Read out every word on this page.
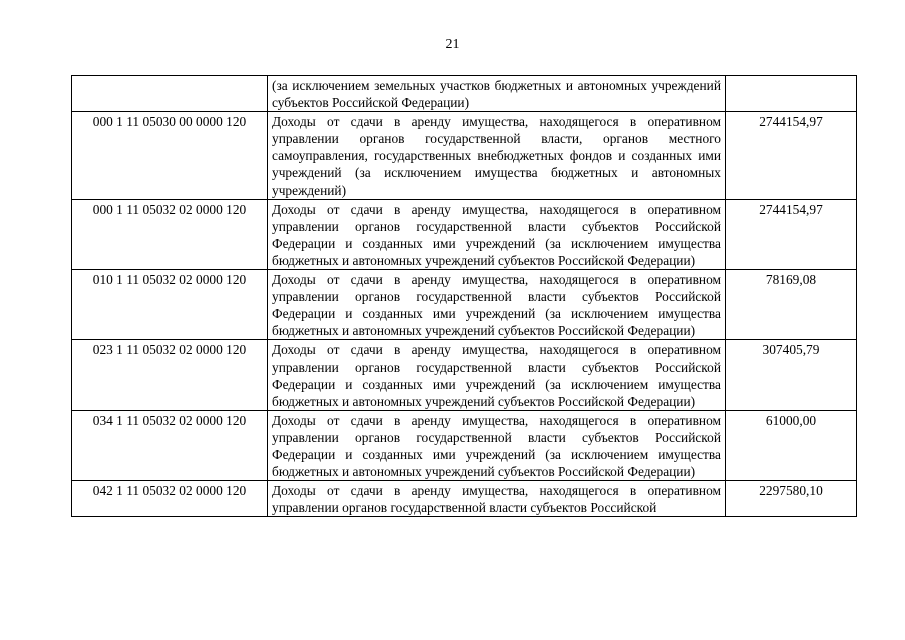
21
	(за исключением земельных участков бюджетных и автономных учреждений субъектов Российской Федерации)	
000 1 11 05030 00 0000 120	Доходы от сдачи в аренду имущества, находящегося в оперативном управлении органов государственной власти, органов местного самоуправления, государственных внебюджетных фондов и созданных ими учреждений (за исключением имущества бюджетных и автономных учреждений)	2744154,97
000 1 11 05032 02 0000 120	Доходы от сдачи в аренду имущества, находящегося в оперативном управлении органов государственной власти субъектов Российской Федерации и созданных ими учреждений (за исключением имущества бюджетных и автономных учреждений субъектов Российской Федерации)	2744154,97
010 1 11 05032 02 0000 120	Доходы от сдачи в аренду имущества, находящегося в оперативном управлении органов государственной власти субъектов Российской Федерации и созданных ими учреждений (за исключением имущества бюджетных и автономных учреждений субъектов Российской Федерации)	78169,08
023 1 11 05032 02 0000 120	Доходы от сдачи в аренду имущества, находящегося в оперативном управлении органов государственной власти субъектов Российской Федерации и созданных ими учреждений (за исключением имущества бюджетных и автономных учреждений субъектов Российской Федерации)	307405,79
034 1 11 05032 02 0000 120	Доходы от сдачи в аренду имущества, находящегося в оперативном управлении органов государственной власти субъектов Российской Федерации и созданных ими учреждений (за исключением имущества бюджетных и автономных учреждений субъектов Российской Федерации)	61000,00
042 1 11 05032 02 0000 120	Доходы от сдачи в аренду имущества, находящегося в оперативном управлении органов государственной власти субъектов Российской	2297580,10
